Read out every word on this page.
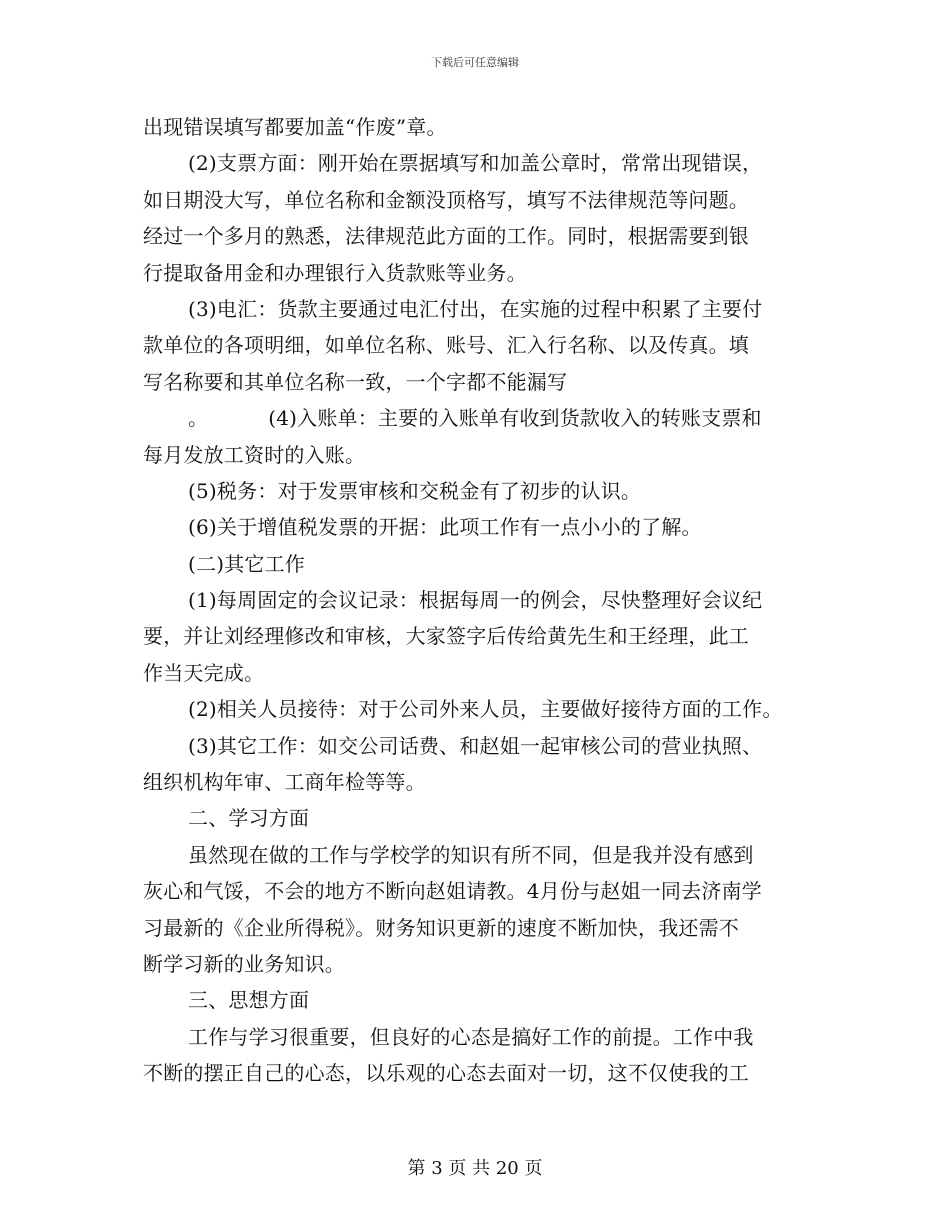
下载后可任意编辑
出现错误填写都要加盖“作废”章。
(2)支票方面：刚开始在票据填写和加盖公章时，常常出现错误，
如日期没大写，单位名称和金额没顶格写，填写不法律规范等问题。
经过一个多月的熟悉，法律规范此方面的工作。同时，根据需要到银
行提取备用金和办理银行入货款账等业务。
(3)电汇：货款主要通过电汇付出，在实施的过程中积累了主要付
款单位的各项明细，如单位名称、账号、汇入行名称、以及传真。填
写名称要和其单位名称一致，一个字都不能漏写
。	(4)入账单：主要的入账单有收到货款收入的转账支票和
每月发放工资时的入账。
(5)税务：对于发票审核和交税金有了初步的认识。
(6)关于增值税发票的开据：此项工作有一点小小的了解。
(二)其它工作
(1)每周固定的会议记录：根据每周一的例会，尽快整理好会议纪
要，并让刘经理修改和审核，大家签字后传给黄先生和王经理，此工
作当天完成。
(2)相关人员接待：对于公司外来人员，主要做好接待方面的工作。
(3)其它工作：如交公司话费、和赵姐一起审核公司的营业执照、
组织机构年审、工商年检等等。
二、学习方面
虽然现在做的工作与学校学的知识有所不同，但是我并没有感到
灰心和气馁，不会的地方不断向赵姐请教。4月份与赵姐一同去济南学
习最新的《企业所得税》。财务知识更新的速度不断加快，我还需不
断学习新的业务知识。
三、思想方面
工作与学习很重要，但良好的心态是搞好工作的前提。工作中我
不断的摆正自己的心态，以乐观的心态去面对一切，这不仅使我的工
第 3 页 共 20 页
